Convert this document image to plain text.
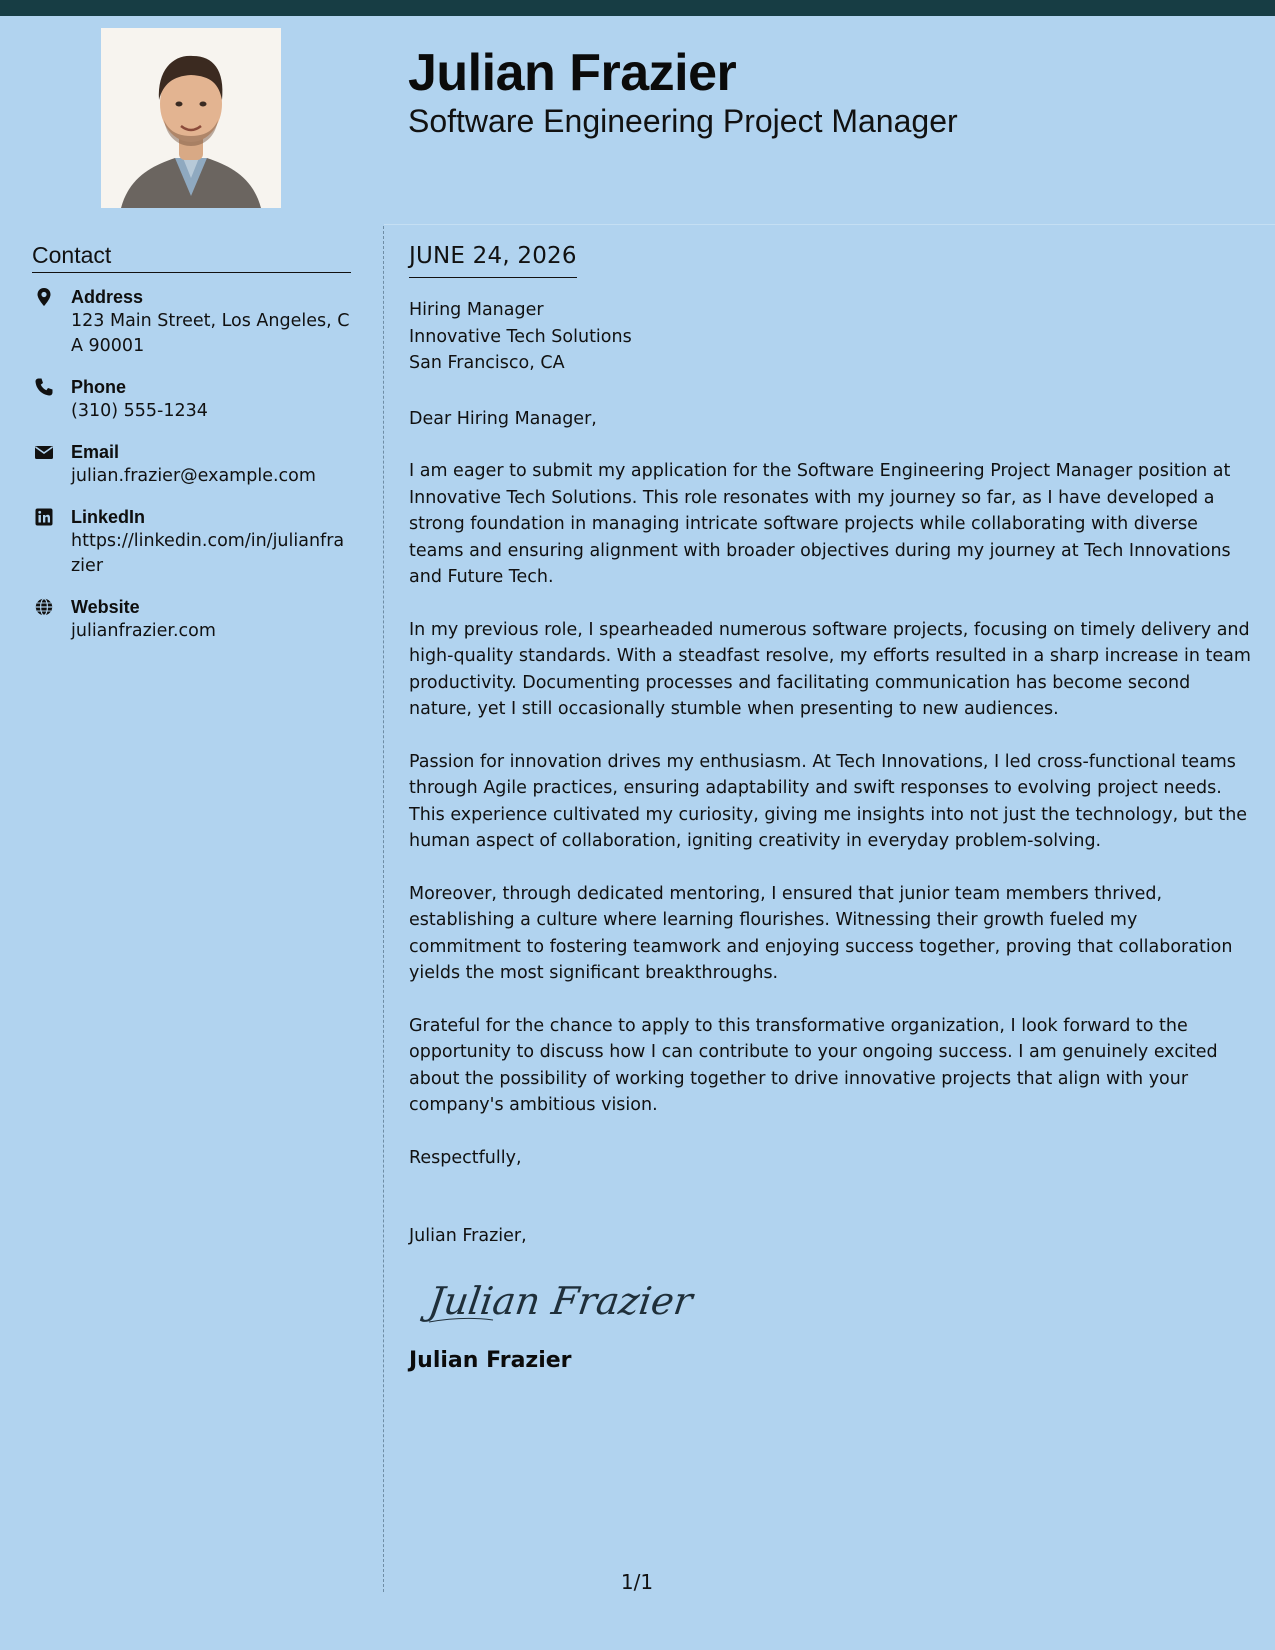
Julian Frazier
Software Engineering Project Manager
Contact
Address
123 Main Street, Los Angeles, CA 90001
Phone
(310) 555-1234
Email
julian.frazier@example.com
LinkedIn
https://linkedin.com/in/julianfrazier
Website
julianfrazier.com
JUNE 24, 2026
Hiring Manager
Innovative Tech Solutions
San Francisco, CA
Dear Hiring Manager,

I am eager to submit my application for the Software Engineering Project Manager position at Innovative Tech Solutions. This role resonates with my journey so far, as I have developed a strong foundation in managing intricate software projects while collaborating with diverse teams and ensuring alignment with broader objectives during my journey at Tech Innovations and Future Tech.

In my previous role, I spearheaded numerous software projects, focusing on timely delivery and high-quality standards. With a steadfast resolve, my efforts resulted in a sharp increase in team productivity. Documenting processes and facilitating communication has become second nature, yet I still occasionally stumble when presenting to new audiences.

Passion for innovation drives my enthusiasm. At Tech Innovations, I led cross-functional teams through Agile practices, ensuring adaptability and swift responses to evolving project needs. This experience cultivated my curiosity, giving me insights into not just the technology, but the human aspect of collaboration, igniting creativity in everyday problem-solving.

Moreover, through dedicated mentoring, I ensured that junior team members thrived, establishing a culture where learning flourishes. Witnessing their growth fueled my commitment to fostering teamwork and enjoying success together, proving that collaboration yields the most significant breakthroughs.

Grateful for the chance to apply to this transformative organization, I look forward to the opportunity to discuss how I can contribute to your ongoing success. I am genuinely excited about the possibility of working together to drive innovative projects that align with your company's ambitious vision.

Respectfully,
Julian Frazier,
Julian Frazier
Julian Frazier
1/1
